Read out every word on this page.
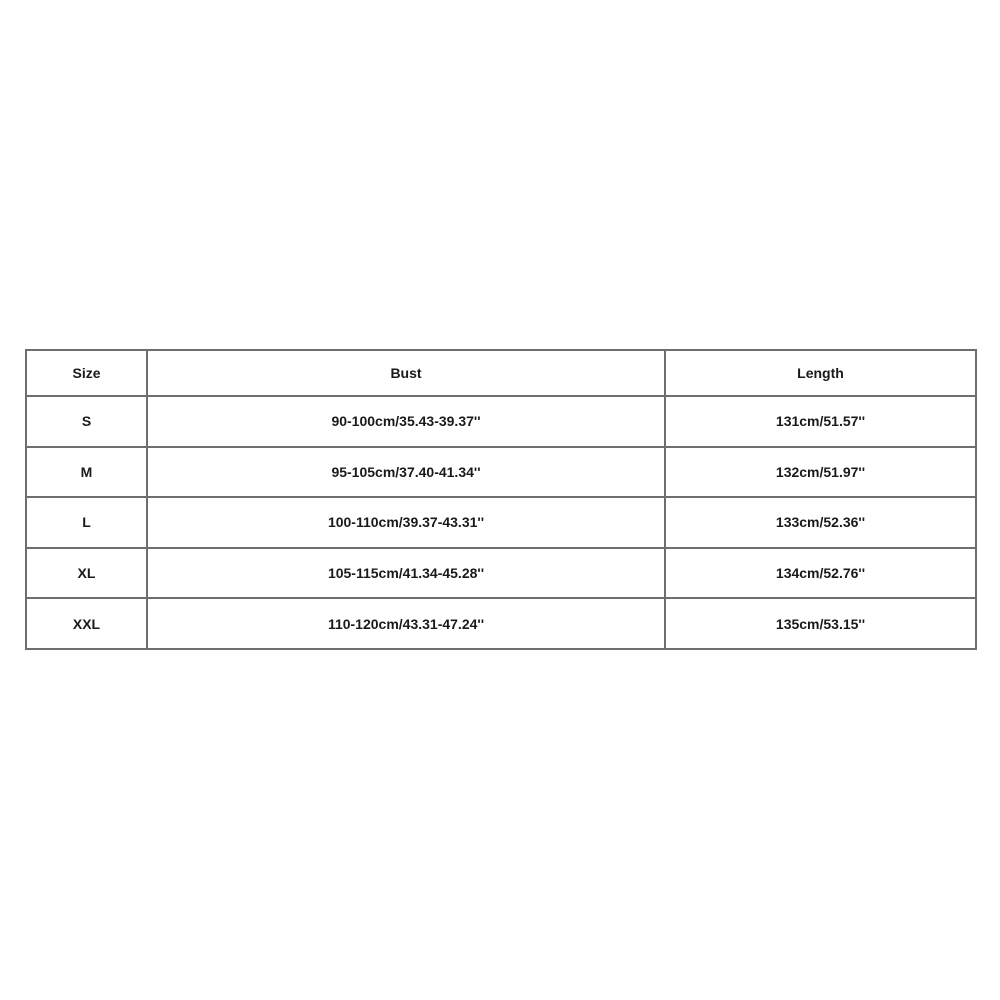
Size	Bust	Length
S	90-100cm/35.43-39.37''	131cm/51.57''
M	95-105cm/37.40-41.34''	132cm/51.97''
L	100-110cm/39.37-43.31''	133cm/52.36''
XL	105-115cm/41.34-45.28''	134cm/52.76''
XXL	110-120cm/43.31-47.24''	135cm/53.15''
